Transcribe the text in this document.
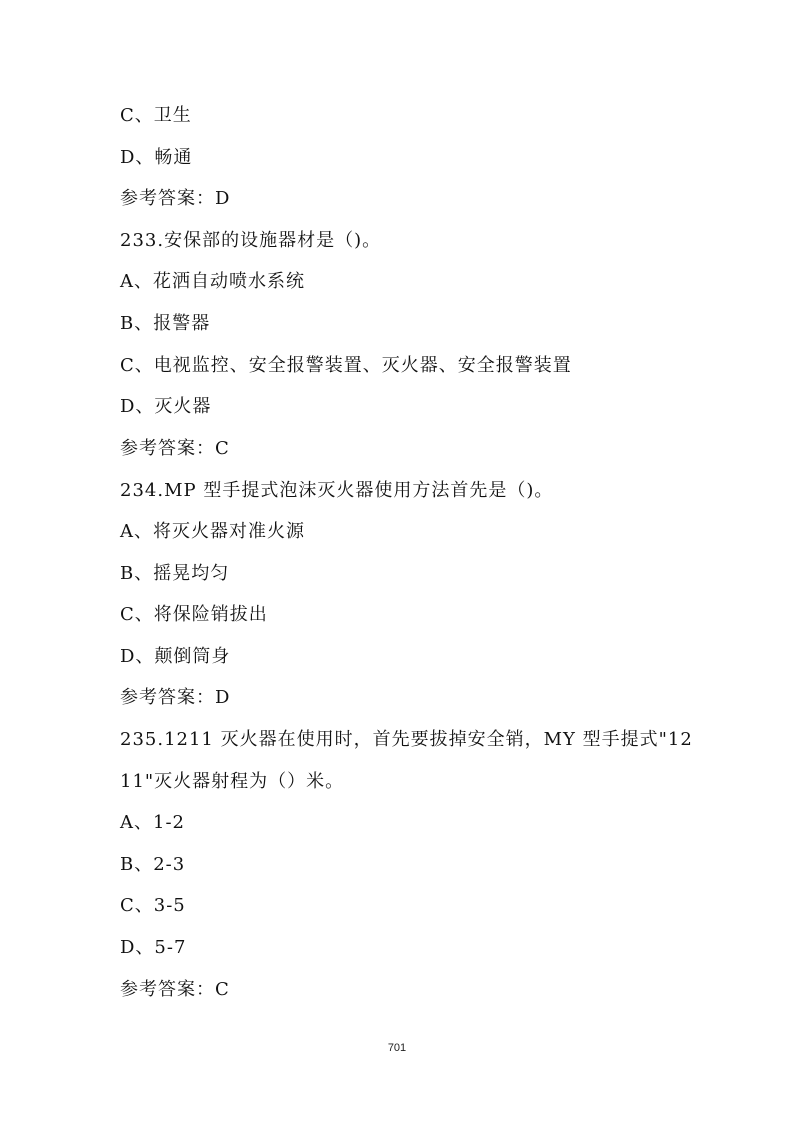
C、卫生
D、畅通
参考答案：D
233.安保部的设施器材是（)。
A、花洒自动喷水系统
B、报警器
C、电视监控、安全报警装置、灭火器、安全报警装置
D、灭火器
参考答案：C
234.MP 型手提式泡沫灭火器使用方法首先是（)。
A、将灭火器对准火源
B、摇晃均匀
C、将保险销拔出
D、颠倒筒身
参考答案：D
235.1211 灭火器在使用时，首先要拔掉安全销，MY 型手提式"12
11"灭火器射程为（）米。
A、1-2
B、2-3
C、3-5
D、5-7
参考答案：C
701
